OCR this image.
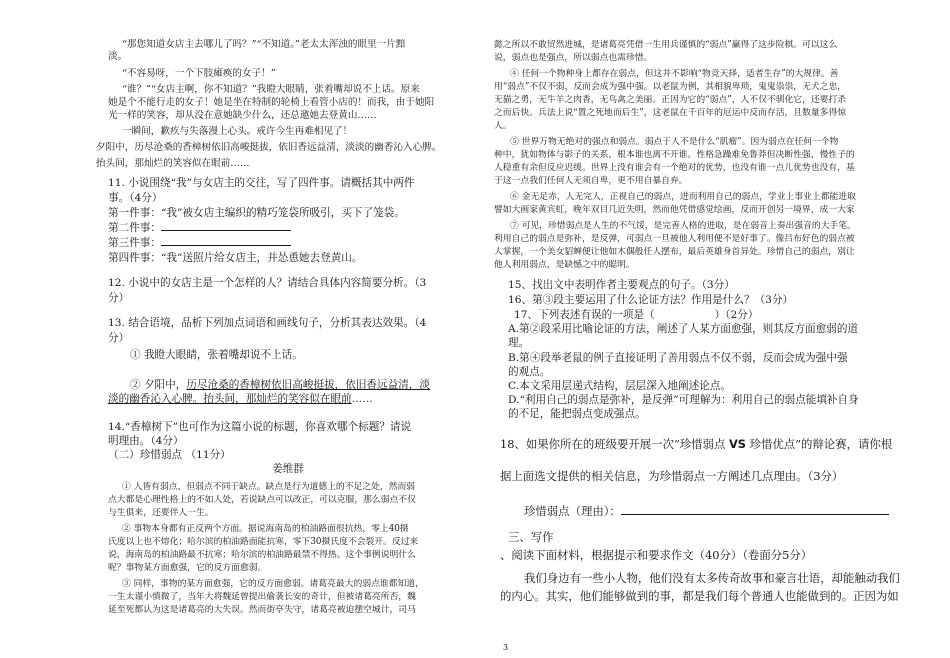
“那您知道女店主去哪儿了吗？”“不知道。”老太太浑浊的眼里一片黯
淡。
“不容易呀，一个下肢瘫痪的女子！”
“谁？”“女店主啊，你不知道？”我瞪大眼睛，张着嘴却说不上话。原来
她是个不能行走的女子！她是坐在特制的轮椅上看管小店的！而我，由于她阳
光一样的笑容，却从没在意她缺少什么，还总邀她去登黄山……
一瞬间，歉疚与失落漫上心头。戒许今生再难相见了！
夕阳中，历尽沧桑的香樟树依旧高峻挺拔，依旧香远益清，淡淡的幽香沁入心脾。
抬头间，那灿烂的笑容似在眼前……
11. 小说围绕“我”与女店主的交往，写了四件事。请概括其中两件
事。（4分）
第一件事：“我”被女店主编织的精巧笼袋所吸引，买下了笼袋。
第二件事：
第三件事：
第四件事：“我”送照片给女店主，并怂恿她去登黄山。
12. 小说中的女店主是一个怎样的人？请结合具体内容简要分析。（3
分）
13. 结合语境，品析下列加点词语和画线句子，分析其表达效果。（4
分）
① 我瞪大眼睛，张着嘴却说不上话。
② 夕阳中，历尽沧桑的香樟树依旧高峻挺拔，依旧香远益清，淡
淡的幽香沁入心脾。抬头间，那灿烂的笑容似在眼前……
14.“香樟树下”也可作为这篇小说的标题，你喜欢哪个标题？请说
明理由。（4分）
（二）珍惜弱点 （11分）
姜维群
① 人皆有弱点，但弱点不同于缺点。缺点是行为道德上的不足之处，然而弱
点大都是心理性格上的不如人处，若说缺点可以改正，可以克服，那么弱点不仅
与生俱来，还要伴人一生。
② 事物本身都有正反两个方面。据说海南岛的柏油路面很抗热，零上40摄
氏度以上也不熔化；哈尔滨的柏油路面能抗寒，零下30摄氏度不会裂开。反过来
说，海南岛的柏油路最不抗寒；哈尔滨的柏油路最禁不得热。这个事例说明什么
呢？事物某方面愈强，它的反方面愈弱。
③ 同样，事物的某方面愈强，它的反方面愈弱。诸葛亮最大的弱点谁都知道，
一生太谨小慎微了，当年大将魏延曾提出偷袭长安的奇计，但被诸葛亮所否，魏
延至死都认为这是诸葛亮的大失误。然而街亭失守，诸葛亮被迫摆空城计，司马
懿之所以不敢贸然进城，是诸葛亮凭借一生用兵谨慎的“弱点”赢得了这步险棋。可以这么
说，弱点也是强点，所以弱点也需珍惜。
④ 任何一个物种身上都存在弱点，但这并不影响“物竞天择，适者生存”的大规律。善
用“弱点”不仅不弱，反而会成为强中强。以老鼠为例，其相貌卑琐，鬼鬼祟祟，无犬之忠，
无猫之勇，无牛羊之肉香，无鸟禽之美丽。正因为它的“弱点”，人不仅不驯化它，还要打杀
之而后快。兵法上说“置之死地而后生”，这老鼠在千百年的厄运中反而存活，且数量多得惊
人。
⑤ 世界万物无绝对的强点和弱点。弱点于人不是什么“肌瘤”。因为弱点在任何一个物
种中，犹如物体与影子的关系，根本谁也离不开谁。性格急躁难免鲁莽但决断性强，慢性子的
人稳重有余但反应迟缓。世界上没有谁会有一个绝对的优势，也没有谁一点儿优势也没有，基
于这一点我们任何人无须自卑，更不用自暴自弃。
⑥ 金无足赤，人无完人，正视自己的弱点，进而利用自己的弱点，学业上事业上都能进取
譬如大画家黄宾虹，晚年双目几近失明，然而他凭借感觉绘画，反而开创另一境界，成一大家
⑦ 可见，珍惜弱点是人生的不气馁，是完善人格的进取，是在弱音上奏出强音的大手笔。
利用自己的弱点是弥补，是反弹，可弱点一旦被他人利用便不是好事了。像吕布好色的弱点被
人掌握，一个美女貂蝉便让他如木偶般任人摆布，最后英雄身首异处。珍惜自己的弱点，别让
他人利用弱点，是缺憾之中的聪明。
15、找出文中表明作者主要观点的句子。（3分）
16、第③段主要运用了什么论证方法？作用是什么？（3分）
17、下列表述有误的一项是（	）（2分）
A.第②段采用比喻论证的方法，阐述了人某方面愈强，则其反方面愈弱的道
理。
B.第④段举老鼠的例子直接证明了善用弱点不仅不弱，反而会成为强中强
的观点。
C.本文采用层递式结构，层层深入地阐述论点。
D.“利用自己的弱点是弥补，是反弹”可理解为：利用自己的弱点能填补自身
的不足，能把弱点变成强点。
18、如果你所在的班级要开展一次“珍惜弱点 VS 珍惜优点”的辩论赛，请你根
据上面选文提供的相关信息，为珍惜弱点一方阐述几点理由。（3分）
珍惜弱点（理由）：
三、写作
、阅读下面材料，根据提示和要求作文（40分）（卷面分5分）
我们身边有一些小人物，他们没有太多传奇故事和豪言壮语，却能触动我们
的内心。其实，他们能够做到的事，都是我们每个普通人也能做到的。正因为如
3
